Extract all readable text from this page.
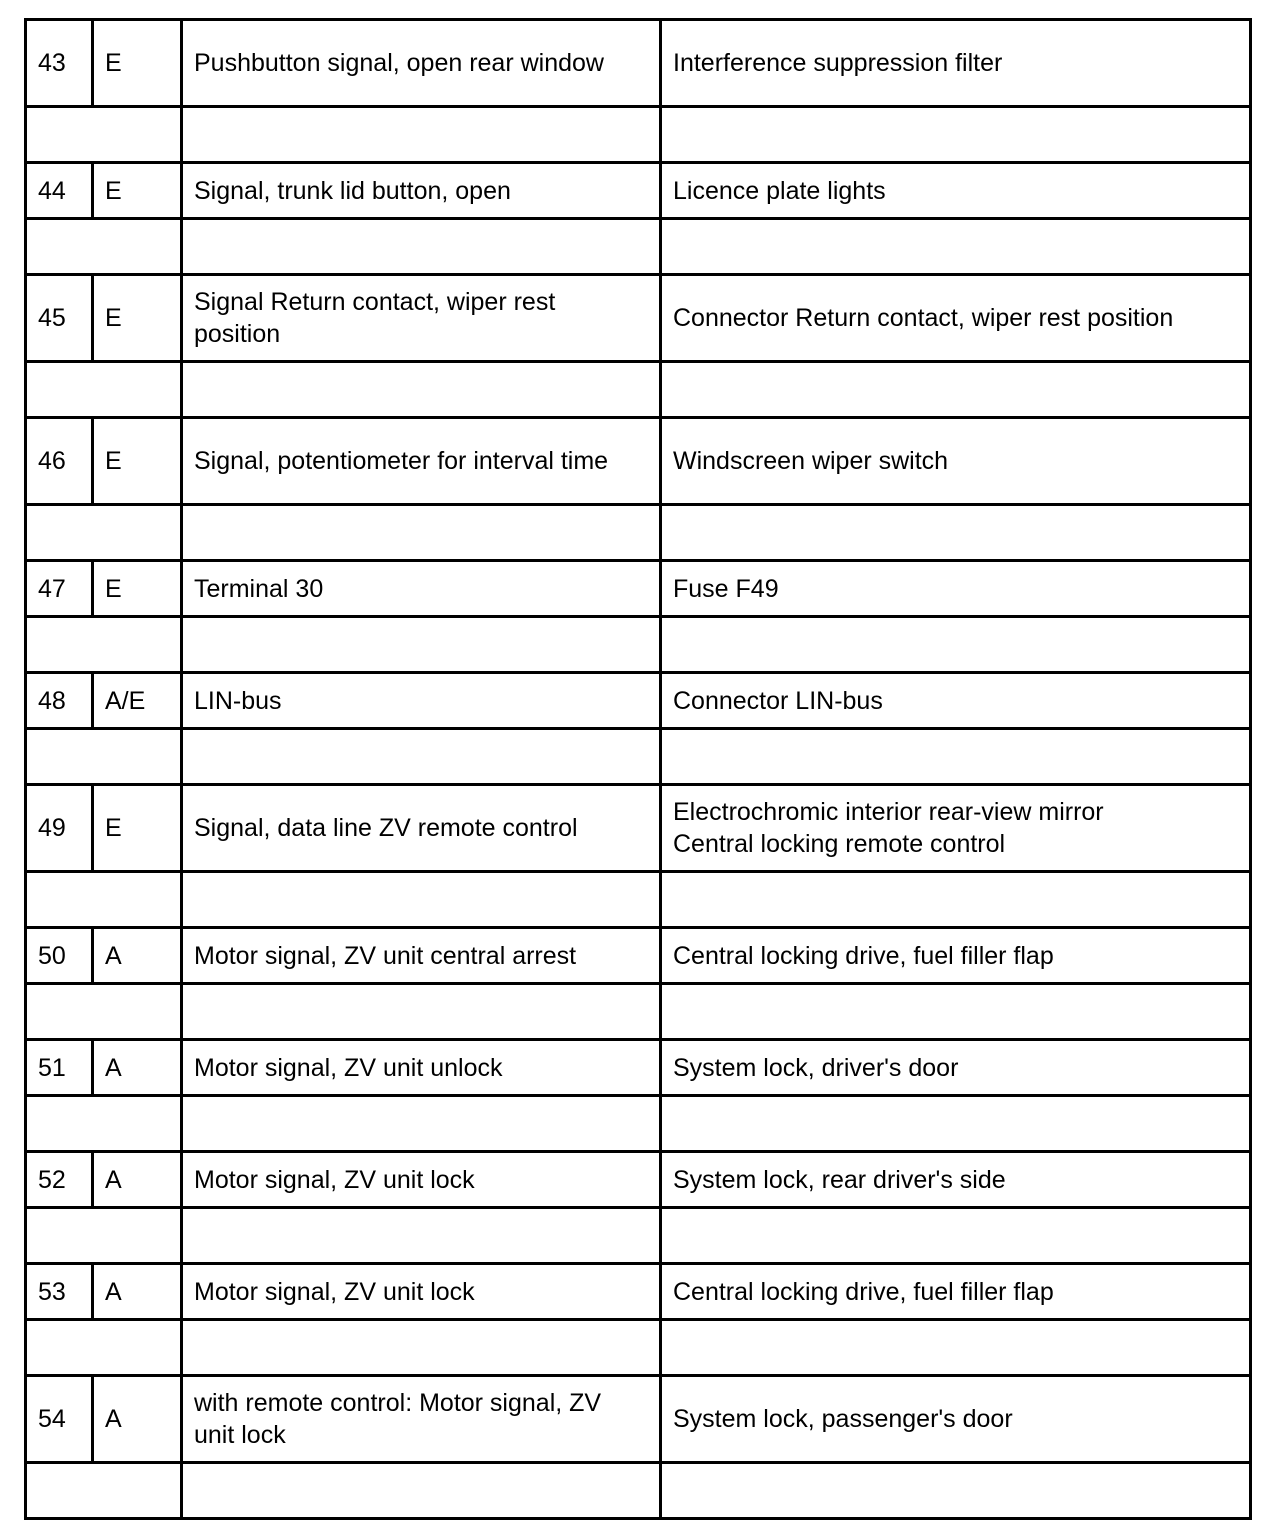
43	E	Pushbutton signal, open rear window	Interference suppression filter

44	E	Signal, trunk lid button, open	Licence plate lights

45	E	Signal Return contact, wiper rest position	Connector Return contact, wiper rest position

46	E	Signal, potentiometer for interval time	Windscreen wiper switch

47	E	Terminal 30	Fuse F49

48	A/E	LIN-bus	Connector LIN-bus

49	E	Signal, data line ZV remote control	Electrochromic interior rear-view mirror
Central locking remote control

50	A	Motor signal, ZV unit central arrest	Central locking drive, fuel filler flap

51	A	Motor signal, ZV unit unlock	System lock, driver's door

52	A	Motor signal, ZV unit lock	System lock, rear driver's side

53	A	Motor signal, ZV unit lock	Central locking drive, fuel filler flap

54	A	with remote control: Motor signal, ZV unit lock	System lock, passenger's door
